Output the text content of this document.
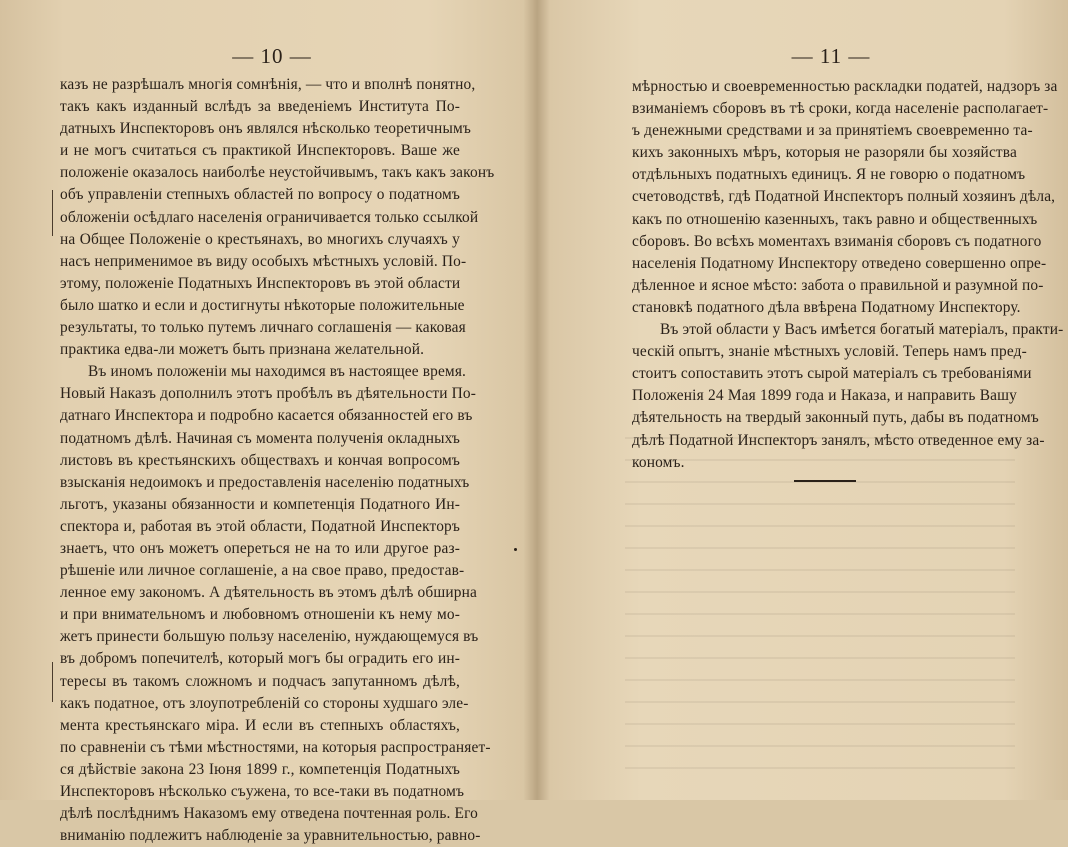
— 10 —
казъ не разрѣшалъ многія сомнѣнія, — что и вполнѣ понятно,
такъ какъ изданный вслѣдъ за введеніемъ Института По-
датныхъ Инспекторовъ онъ являлся нѣсколько теоретичнымъ
и не могъ считаться съ практикой Инспекторовъ. Ваше же
положеніе оказалось наиболѣе неустойчивымъ, такъ какъ законъ
объ управленіи степныхъ областей по вопросу о податномъ
обложеніи осѣдлаго населенія ограничивается только ссылкой
на Общее Положеніе о крестьянахъ, во многихъ случаяхъ у
насъ неприменимое въ виду особыхъ мѣстныхъ условій. По-
этому, положеніе Податныхъ Инспекторовъ въ этой области
было шатко и если и достигнуты нѣкоторые положительные
результаты, то только путемъ личнаго соглашенія — каковая
практика едва-ли можетъ быть признана желательной.
Въ иномъ положеніи мы находимся въ настоящее время.
Новый Наказъ дополнилъ этотъ пробѣлъ въ дѣятельности По-
датнаго Инспектора и подробно касается обязанностей его въ
податномъ дѣлѣ. Начиная съ момента полученія окладныхъ
листовъ въ крестьянскихъ обществахъ и кончая вопросомъ
взысканія недоимокъ и предоставленія населенію податныхъ
льготъ, указаны обязанности и компетенція Податного Ин-
спектора и, работая въ этой области, Податной Инспекторъ
знаетъ, что онъ можетъ опереться не на то или другое раз-
рѣшеніе или личное соглашеніе, а на свое право, предостав-
ленное ему закономъ. А дѣятельность въ этомъ дѣлѣ обширна
и при внимательномъ и любовномъ отношеніи къ нему мо-
жетъ принести большую пользу населенію, нуждающемуся въ
въ добромъ попечителѣ, который могъ бы оградить его ин-
тересы въ такомъ сложномъ и подчасъ запутанномъ дѣлѣ,
какъ податное, отъ злоупотребленій со стороны худшаго эле-
мента крестьянскаго міра. И если въ степныхъ областяхъ,
по сравненіи съ тѣми мѣстностями, на которыя распространяет-
ся дѣйствіе закона 23 Іюня 1899 г., компетенція Податныхъ
Инспекторовъ нѣсколько съужена, то все-таки въ податномъ
дѣлѣ послѣднимъ Наказомъ ему отведена почтенная роль. Его
вниманію подлежитъ наблюденіе за уравнительностью, равно-
— 11 —
мѣрностью и своевременностью раскладки податей, надзоръ за
взиманіемъ сборовъ въ тѣ сроки, когда населеніе располагает-
ъ денежными средствами и за принятіемъ своевременно та-
кихъ законныхъ мѣръ, которыя не разоряли бы хозяйства
отдѣльныхъ податныхъ единицъ. Я не говорю о податномъ
счетоводствѣ, гдѣ Податной Инспекторъ полный хозяинъ дѣла,
какъ по отношенію казенныхъ, такъ равно и общественныхъ
сборовъ. Во всѣхъ моментахъ взиманія сборовъ съ податного
населенія Податному Инспектору отведено совершенно опре-
дѣленное и ясное мѣсто: забота о правильной и разумной по-
становкѣ податного дѣла ввѣрена Податному Инспектору.
Въ этой области у Васъ имѣется богатый матеріалъ, практи-
ческій опытъ, знаніе мѣстныхъ условій. Теперь намъ пред-
стоитъ сопоставить этотъ сырой матеріалъ съ требованіями
Положенія 24 Мая 1899 года и Наказа, и направить Вашу
дѣятельность на твердый законный путь, дабы въ податномъ
дѣлѣ Податной Инспекторъ занялъ, мѣсто отведенное ему за-
кономъ.
